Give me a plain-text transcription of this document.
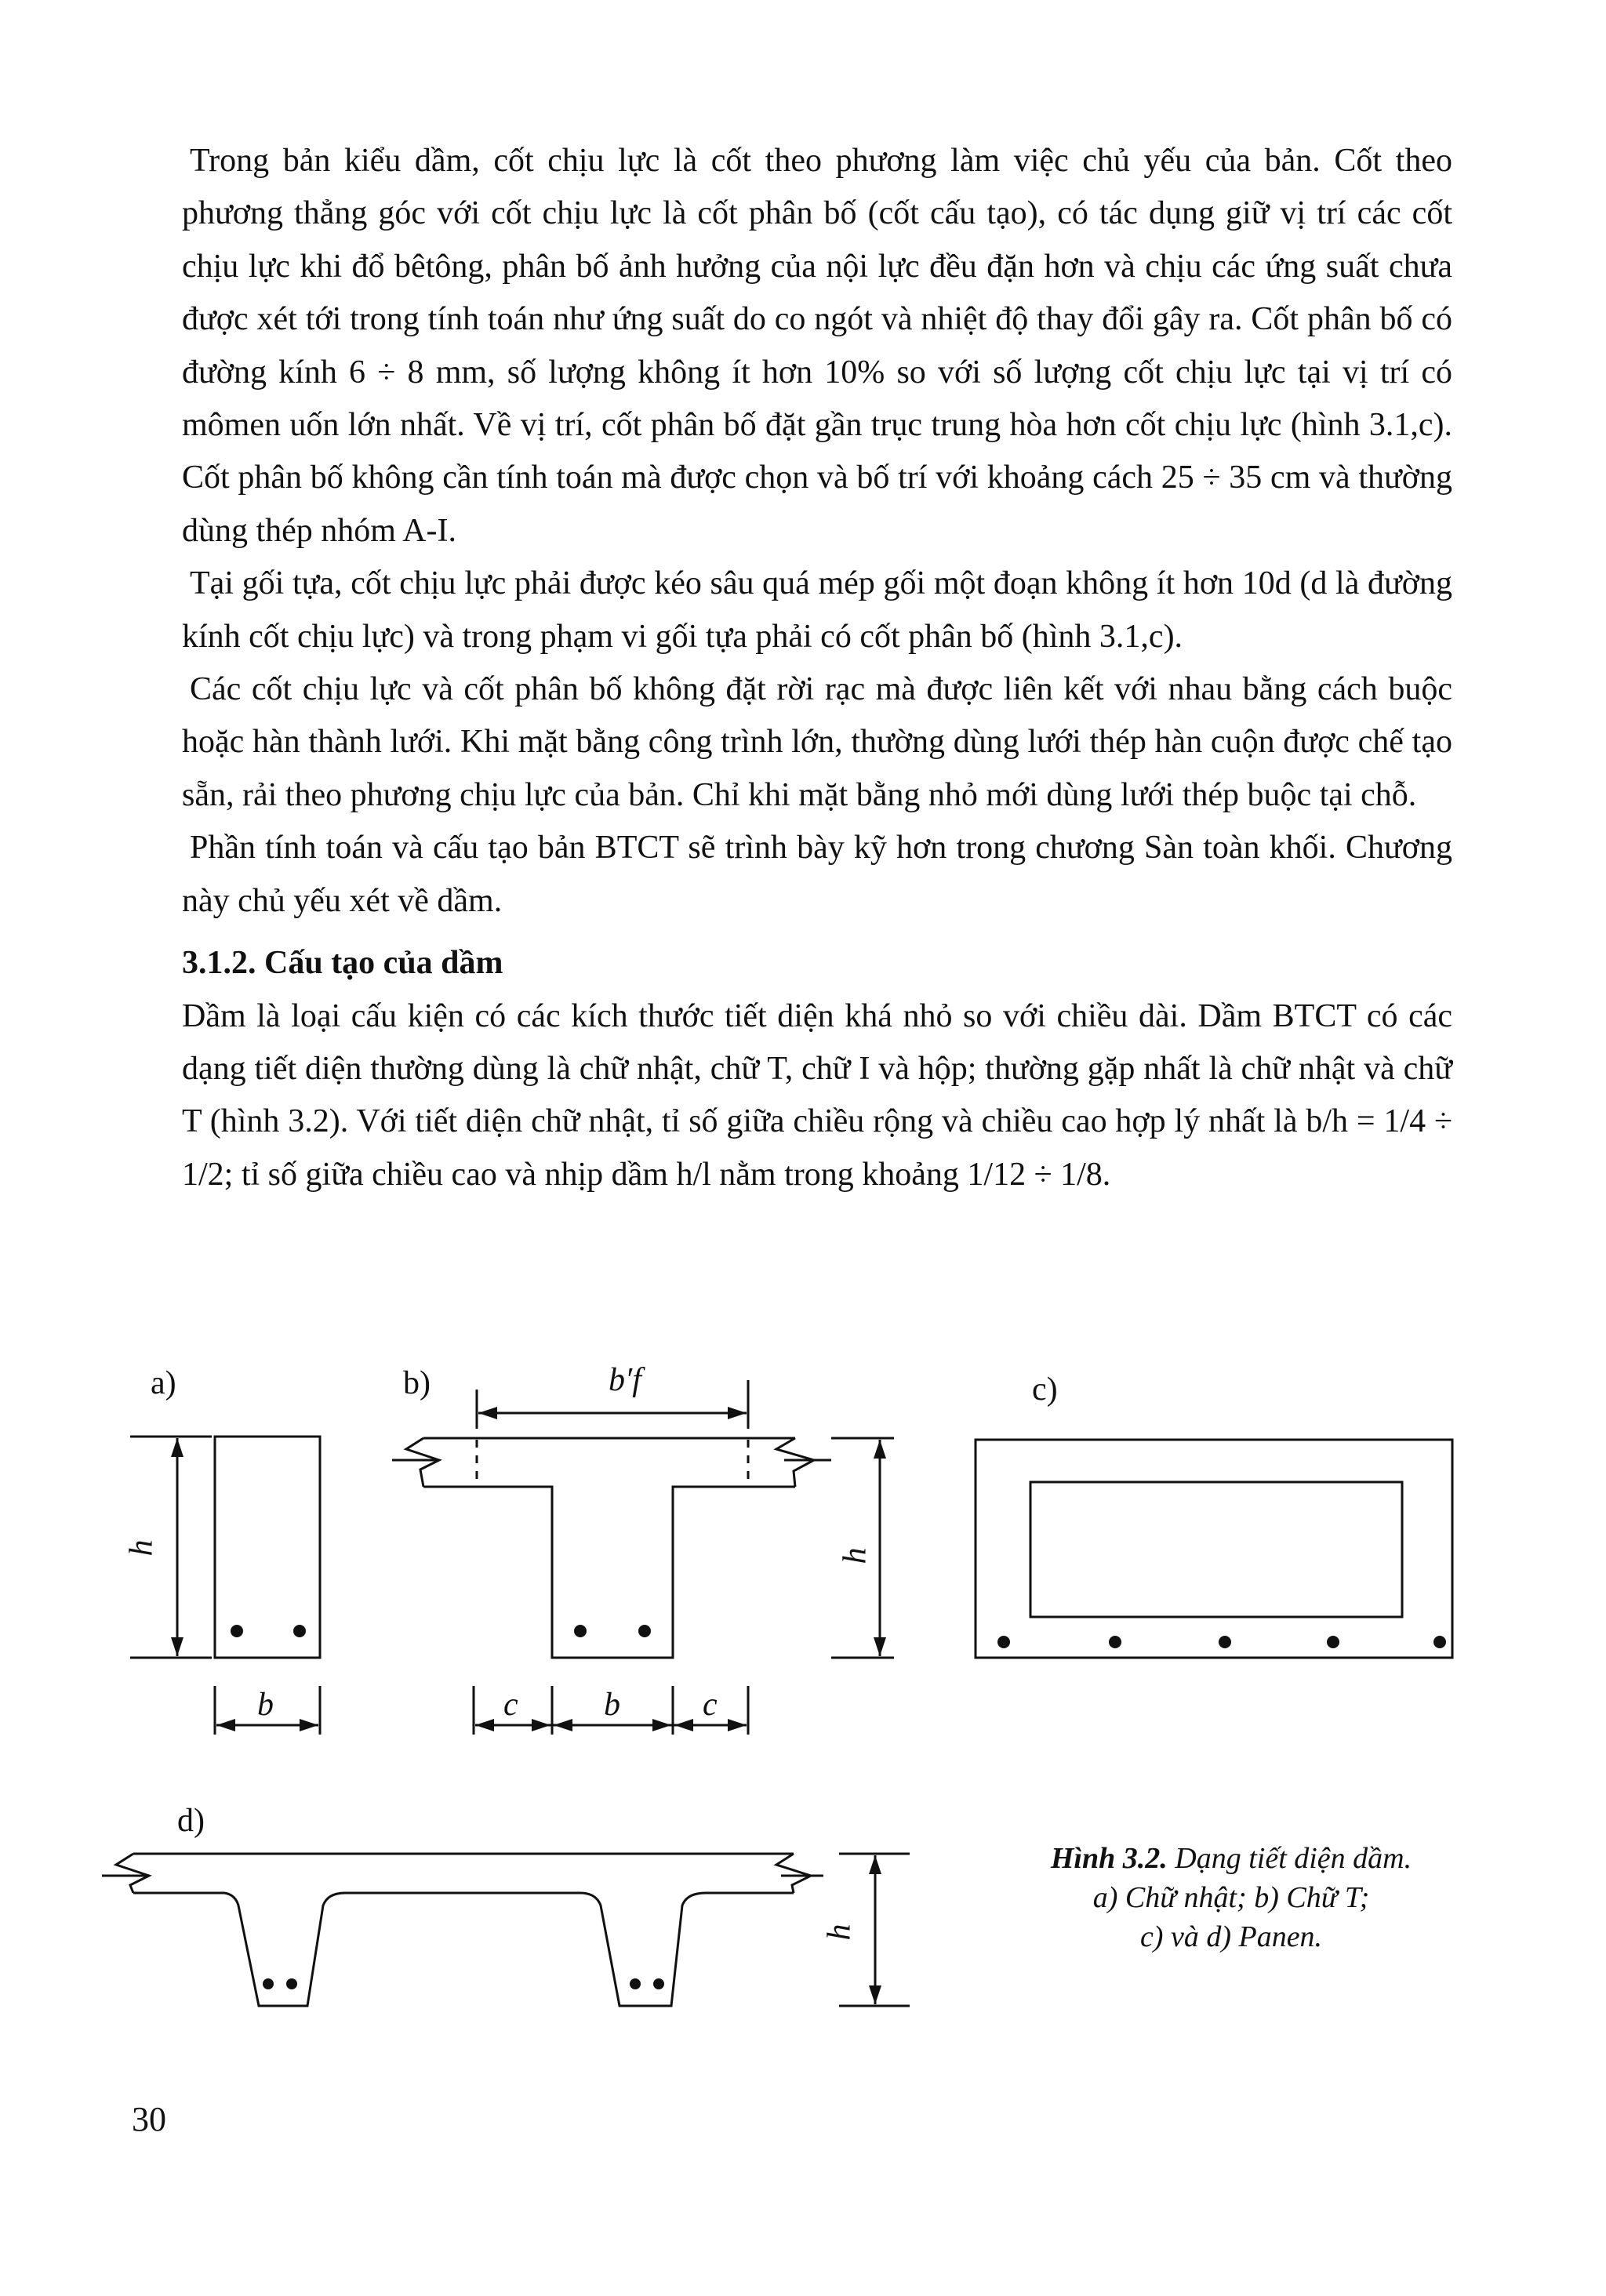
Trong bản kiểu dầm, cốt chịu lực là cốt theo phương làm việc chủ yếu của bản. Cốt theo phương thẳng góc với cốt chịu lực là cốt phân bố (cốt cấu tạo), có tác dụng giữ vị trí các cốt chịu lực khi đổ bêtông, phân bố ảnh hưởng của nội lực đều đặn hơn và chịu các ứng suất chưa được xét tới trong tính toán như ứng suất do co ngót và nhiệt độ thay đổi gây ra. Cốt phân bố có đường kính 6 ÷ 8 mm, số lượng không ít hơn 10% so với số lượng cốt chịu lực tại vị trí có mômen uốn lớn nhất. Về vị trí, cốt phân bố đặt gần trục trung hòa hơn cốt chịu lực (hình 3.1,c). Cốt phân bố không cần tính toán mà được chọn và bố trí với khoảng cách 25 ÷ 35 cm và thường dùng thép nhóm A-I.

Tại gối tựa, cốt chịu lực phải được kéo sâu quá mép gối một đoạn không ít hơn 10d (d là đường kính cốt chịu lực) và trong phạm vi gối tựa phải có cốt phân bố (hình 3.1,c).

Các cốt chịu lực và cốt phân bố không đặt rời rạc mà được liên kết với nhau bằng cách buộc hoặc hàn thành lưới. Khi mặt bằng công trình lớn, thường dùng lưới thép hàn cuộn được chế tạo sẵn, rải theo phương chịu lực của bản. Chỉ khi mặt bằng nhỏ mới dùng lưới thép buộc tại chỗ.

Phần tính toán và cấu tạo bản BTCT sẽ trình bày kỹ hơn trong chương Sàn toàn khối. Chương này chủ yếu xét về dầm.

3.1.2. Cấu tạo của dầm

Dầm là loại cấu kiện có các kích thước tiết diện khá nhỏ so với chiều dài. Dầm BTCT có các dạng tiết diện thường dùng là chữ nhật, chữ T, chữ I và hộp; thường gặp nhất là chữ nhật và chữ T (hình 3.2). Với tiết diện chữ nhật, tỉ số giữa chiều rộng và chiều cao hợp lý nhất là b/h = 1/4 ÷ 1/2; tỉ số giữa chiều cao và nhịp dầm h/l nằm trong khoảng 1/12 ÷ 1/8.

a)	b)	c)
d)
h
b
b′f
h
c	b	c
h
Hình 3.2. Dạng tiết diện dầm.
a) Chữ nhật; b) Chữ T;
c) và d) Panen.
30
